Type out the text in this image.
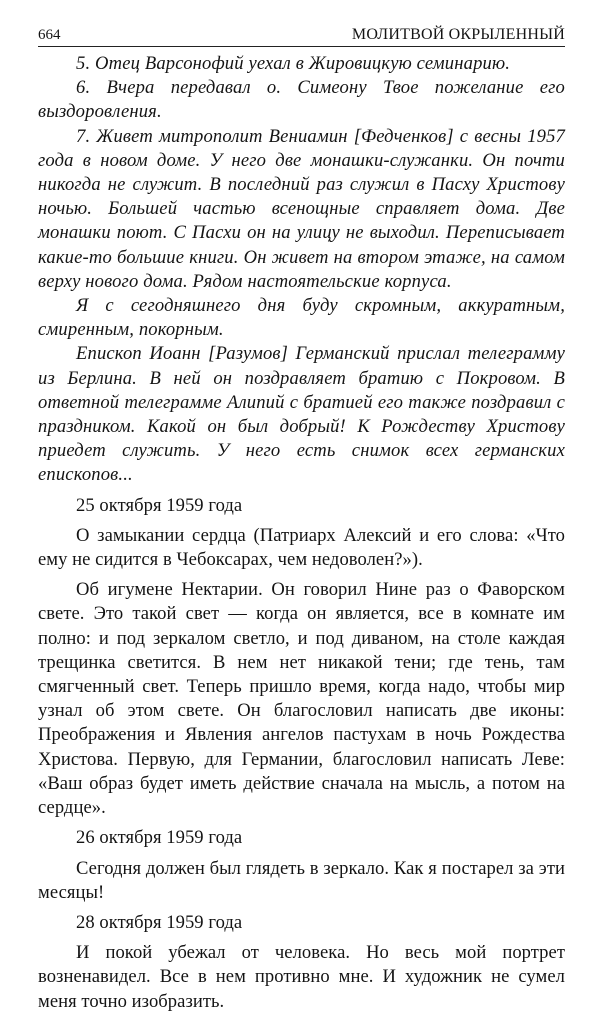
664	МОЛИТВОЙ ОКРЫЛЕННЫЙ

5. Отец Варсонофий уехал в Жировицкую семинарию.

6. Вчера передавал о. Симеону Твое пожелание его выздоровления.

7. Живет митрополит Вениамин [Федченков] с весны 1957 года в новом доме. У него две монашки-служанки. Он почти никогда не служит. В последний раз служил в Пасху Христову ночью. Большей частью всенощные справляет дома. Две монашки поют. С Пасхи он на улицу не выходил. Переписывает какие-то большие книги. Он живет на втором этаже, на самом верху нового дома. Рядом настоятельские корпуса.

Я с сегодняшнего дня буду скромным, аккуратным, смиренным, покорным.

Епископ Иоанн [Разумов] Германский прислал телеграмму из Берлина. В ней он поздравляет братию с Покровом. В ответной телеграмме Алипий с братией его также поздравил с праздником. Какой он был добрый! К Рождеству Христову приедет служить. У него есть снимок всех германских епископов...

25 октября 1959 года

О замыкании сердца (Патриарх Алексий и его слова: «Что ему не сидится в Чебоксарах, чем недоволен?»).

Об игумене Нектарии. Он говорил Нине раз о Фаворском свете. Это такой свет — когда он является, все в комнате им полно: и под зеркалом светло, и под диваном, на столе каждая трещинка светится. В нем нет никакой тени; где тень, там смягченный свет. Теперь пришло время, когда надо, чтобы мир узнал об этом свете. Он благословил написать две иконы: Преображения и Явления ангелов пастухам в ночь Рождества Христова. Первую, для Германии, благословил написать Леве: «Ваш образ будет иметь действие сначала на мысль, а потом на сердце».

26 октября 1959 года

Сегодня должен был глядеть в зеркало. Как я постарел за эти месяцы!

28 октября 1959 года

И покой убежал от человека. Но весь мой портрет возненавидел. Все в нем противно мне. И художник не сумел меня точно изобразить.
